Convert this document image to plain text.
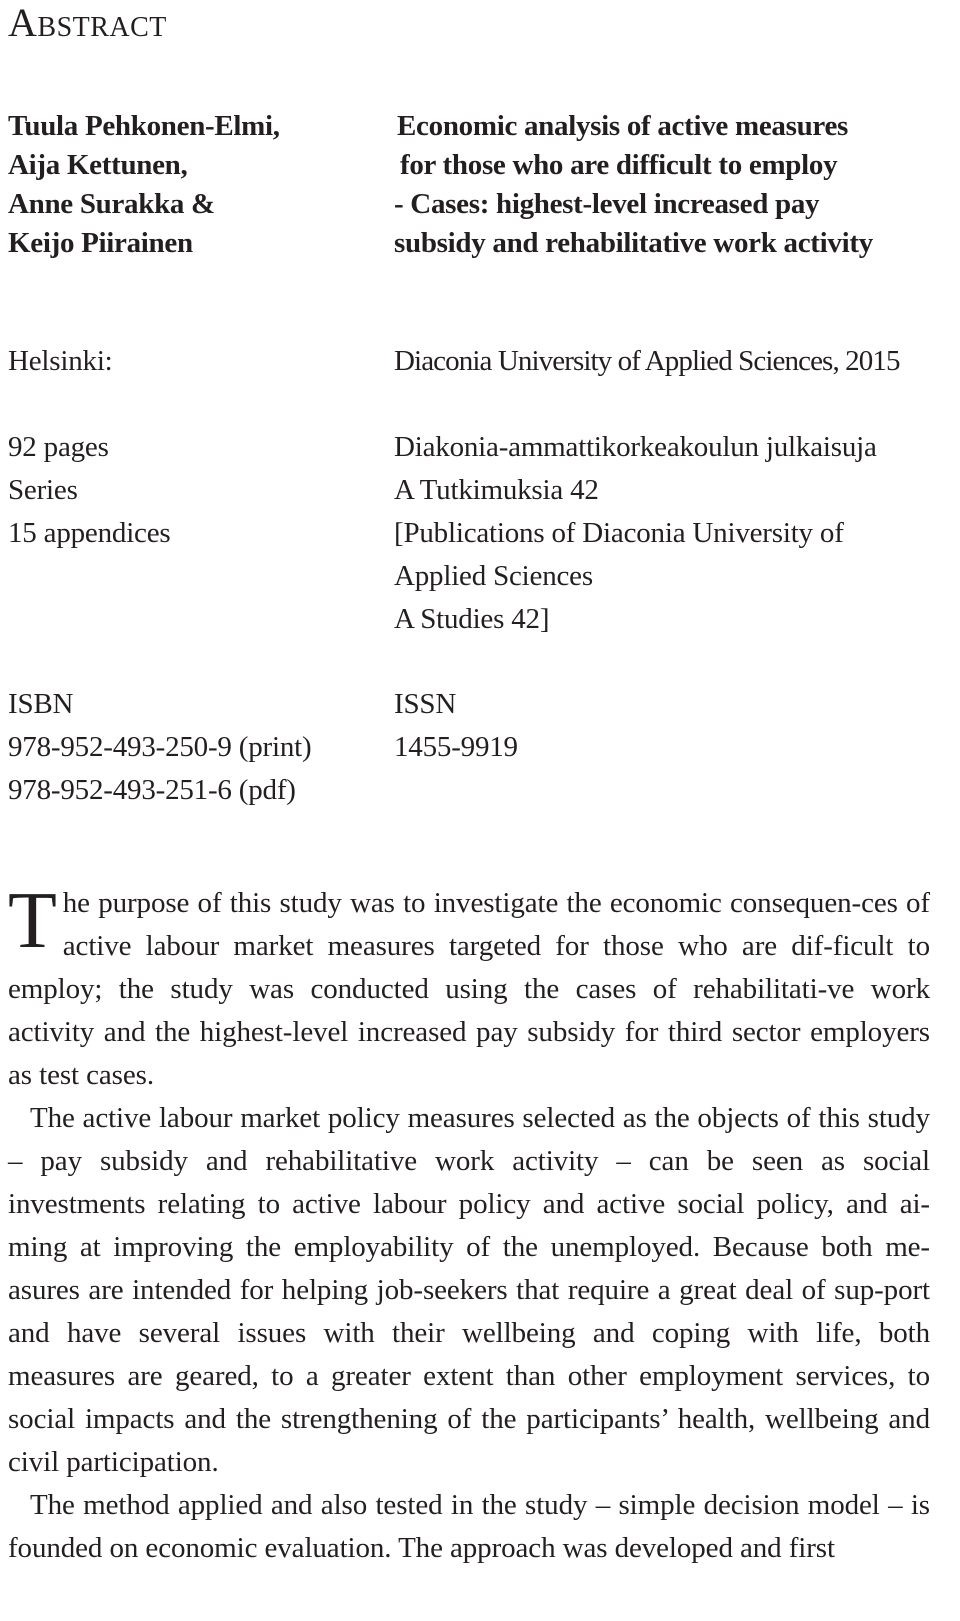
Abstract
Tuula Pehkonen-Elmi,
Aija Kettunen,
Anne Surakka &
Keijo Piirainen
Economic analysis of active measures
for those who are difficult to employ
- Cases: highest-level increased pay
subsidy and rehabilitative work activity
Helsinki:	Diaconia University of Applied Sciences, 2015
92 pages
Series
15 appendices
Diakonia-ammattikorkeakoulun julkaisuja
A Tutkimuksia 42
[Publications of Diaconia University of
Applied Sciences
A Studies 42]
ISBN
978-952-493-250-9 (print)
978-952-493-251-6 (pdf)
ISSN
1455-9919

The purpose of this study was to investigate the economic consequen-ces of active labour market measures targeted for those who are dif-ficult to employ; the study was conducted using the cases of rehabilitati-ve work activity and the highest-level increased pay subsidy for third sector employers as test cases.

The active labour market policy measures selected as the objects of this study – pay subsidy and rehabilitative work activity – can be seen as social investments relating to active labour policy and active social policy, and ai-ming at improving the employability of the unemployed. Because both me-asures are intended for helping job-seekers that require a great deal of sup-port and have several issues with their wellbeing and coping with life, both measures are geared, to a greater extent than other employment services, to social impacts and the strengthening of the participants’ health, wellbeing and civil participation.

The method applied and also tested in the study – simple decision model – is founded on economic evaluation. The approach was developed and first
